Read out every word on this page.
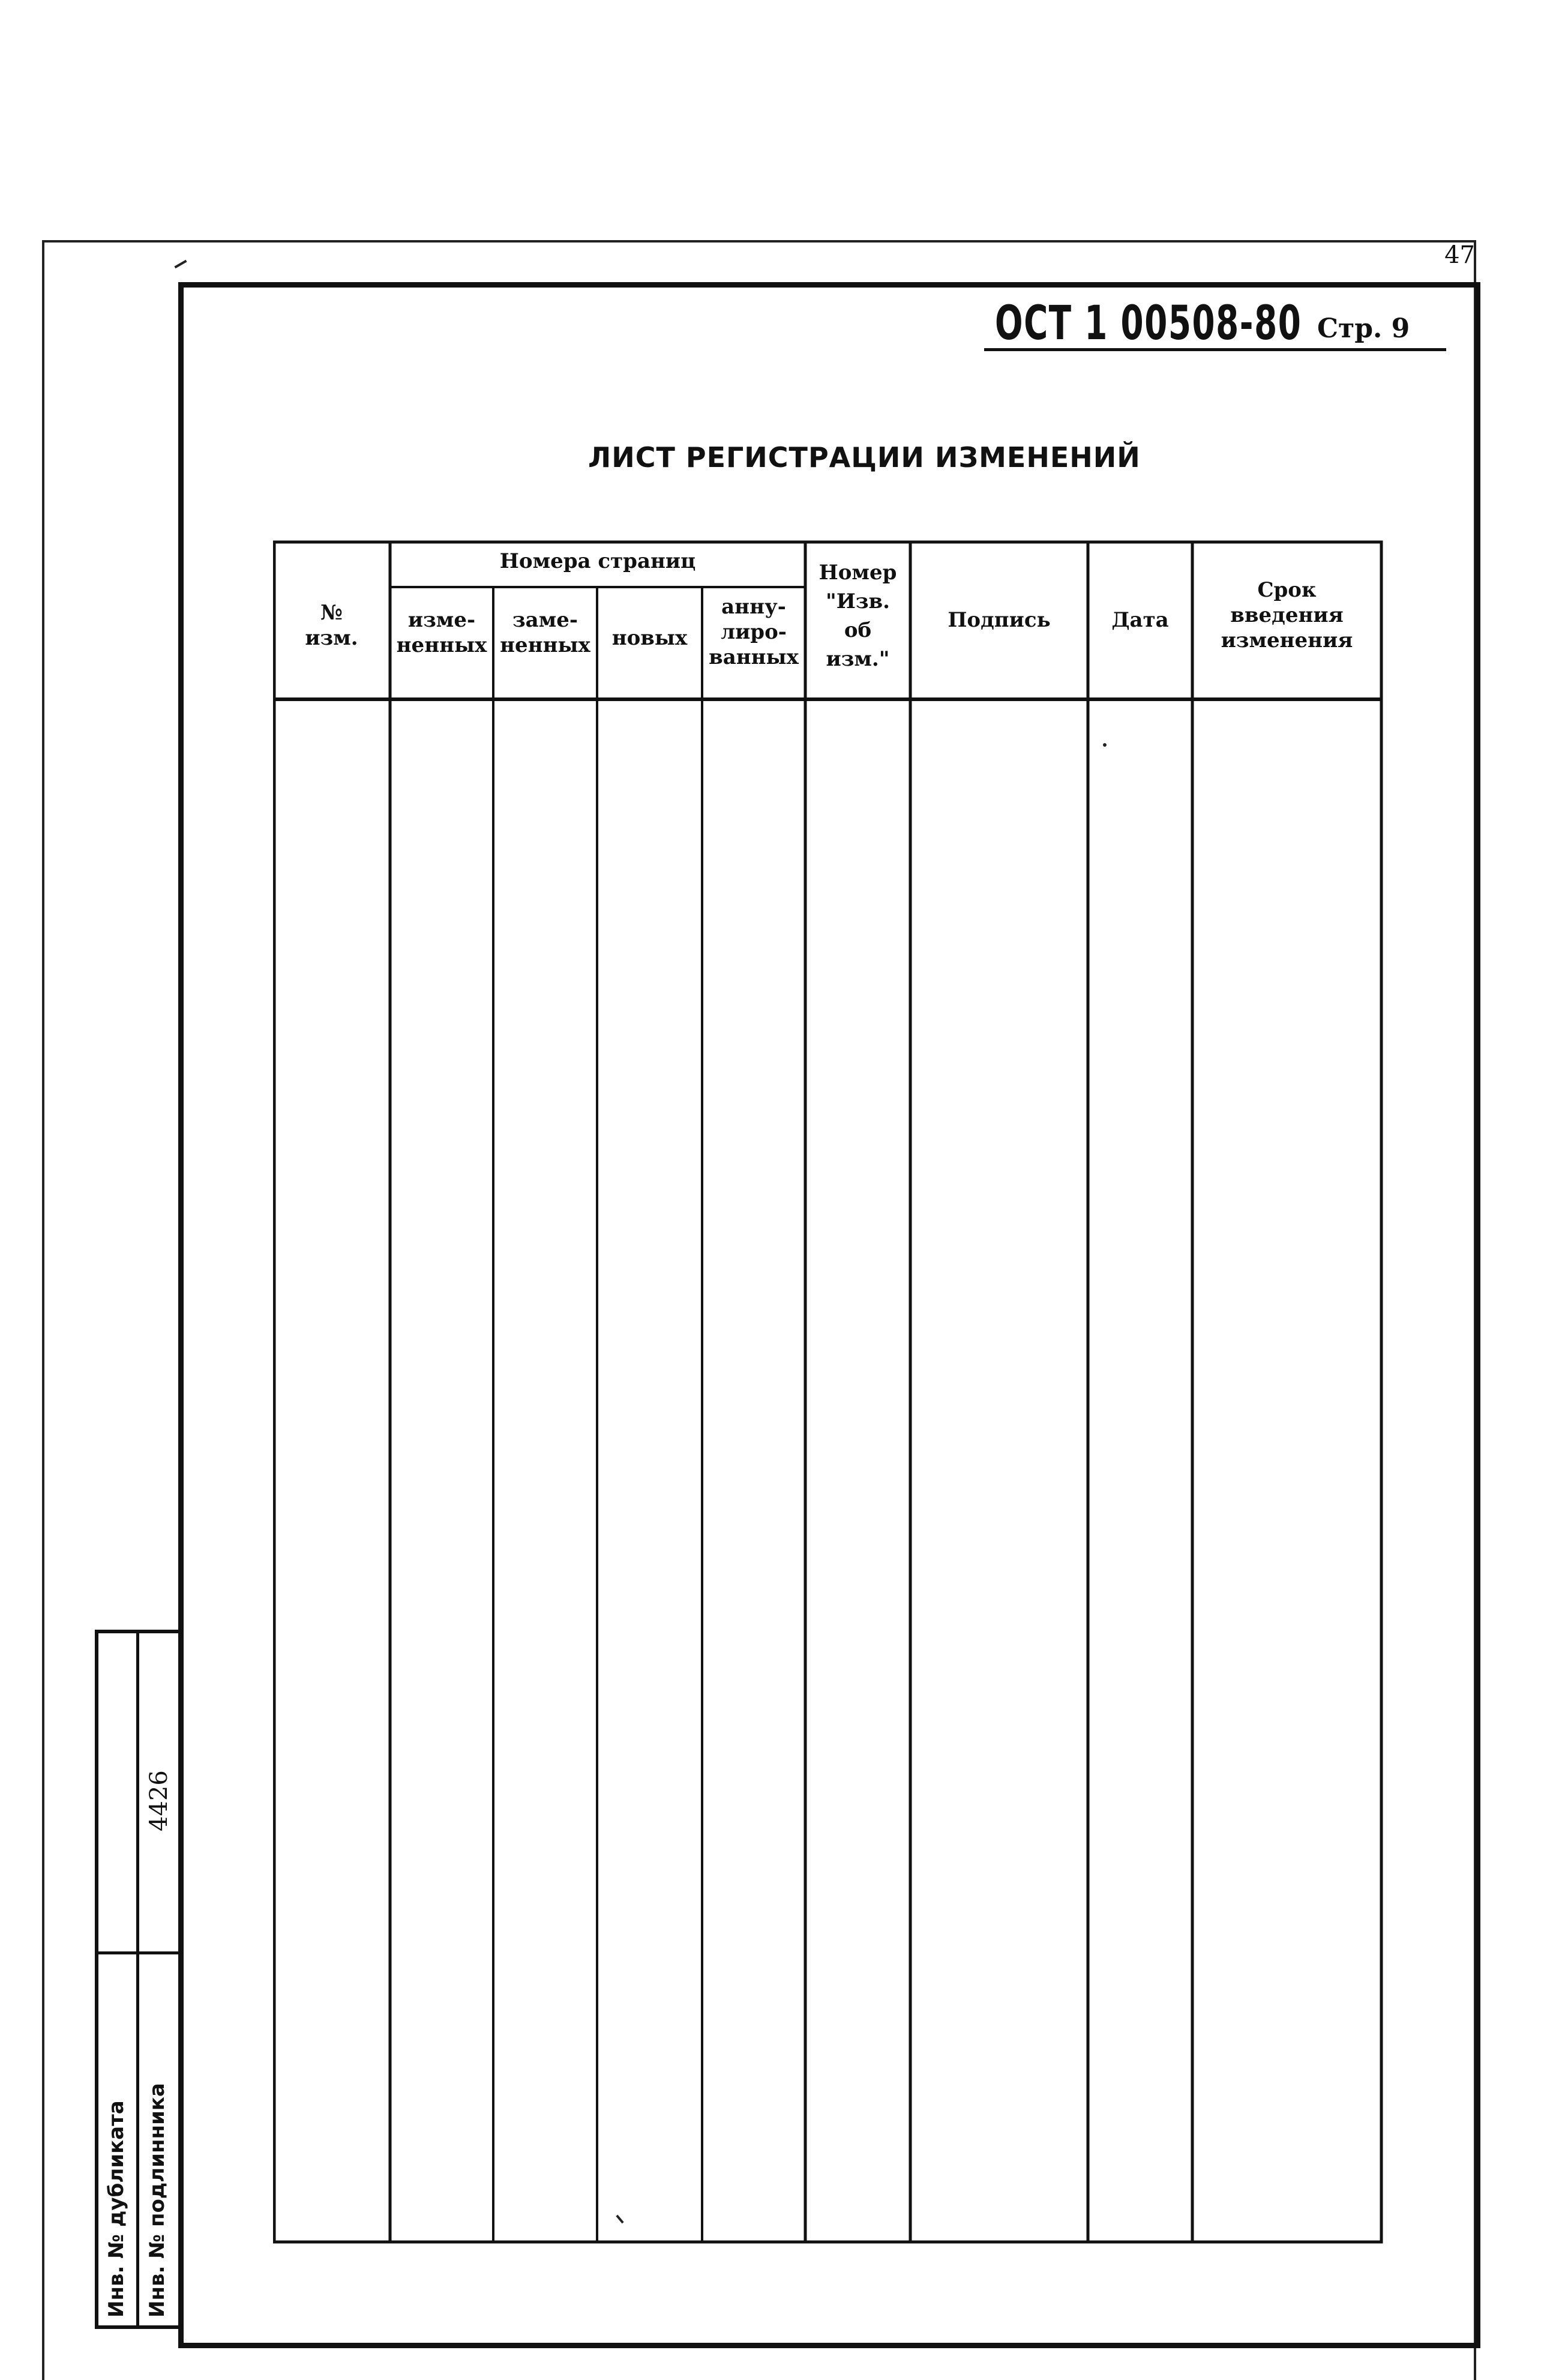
47
ОСТ 1 00508-80 Стр. 9
ЛИСТ РЕГИСТРАЦИИ ИЗМЕНЕНИЙ
Номера страниц
№
изм.
изме-
ненных
заме-
ненных	новых
анну-
лиро-
ванных
Номер
"Изв.
об
изм."
Подпись	Дата
Срок
введения
изменения
Инв. № дубликата Инв. № подлинника
4426
